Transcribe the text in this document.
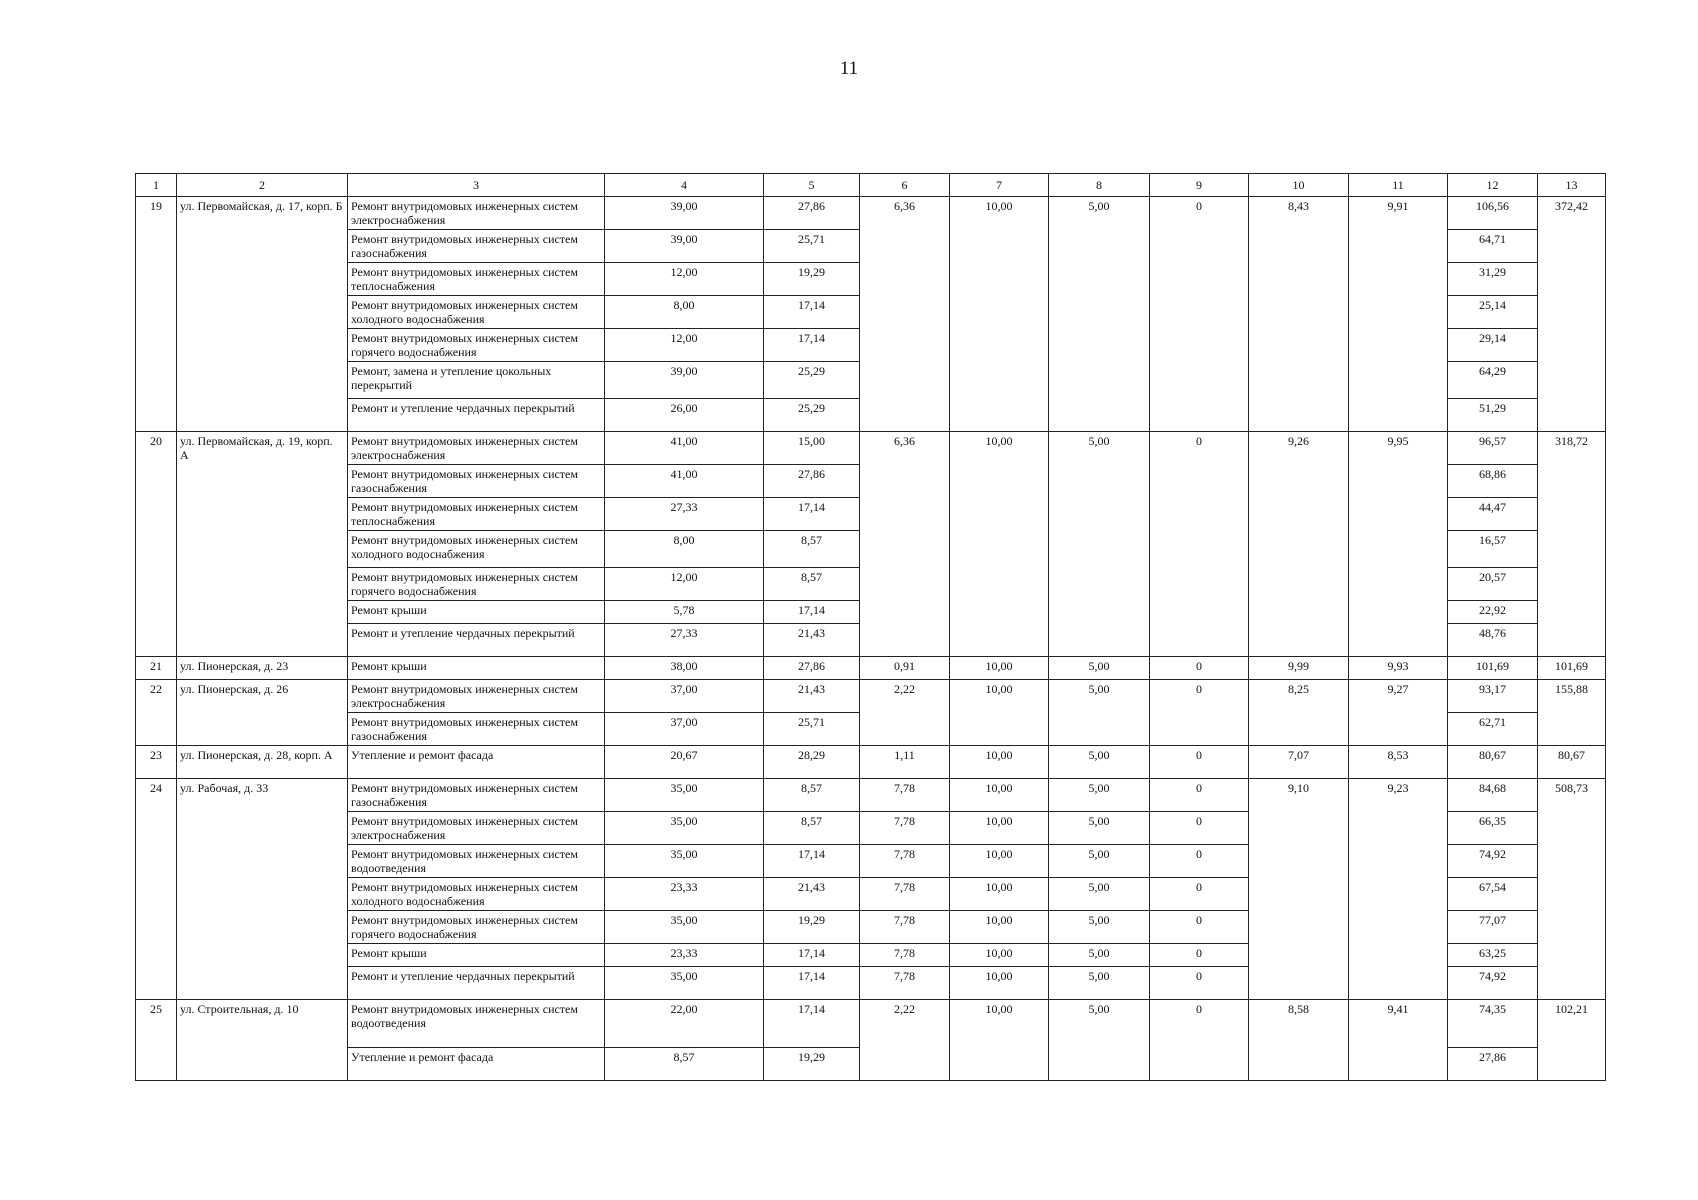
11
1	2	3	4	5	6	7	8	9	10	11	12	13
19	ул. Первомайская, д. 17, корп. Б	Ремонт внутридомовых инженерных систем электроснабжения	39,00	27,86	6,36	10,00	5,00	0	8,43	9,91	106,56	372,42
		Ремонт внутридомовых инженерных систем газоснабжения	39,00	25,71							64,71	
		Ремонт внутридомовых инженерных систем теплоснабжения	12,00	19,29							31,29	
		Ремонт внутридомовых инженерных систем холодного водоснабжения	8,00	17,14							25,14	
		Ремонт внутридомовых инженерных систем горячего водоснабжения	12,00	17,14							29,14	
		Ремонт, замена и утепление цокольных перекрытий	39,00	25,29							64,29	
		Ремонт и утепление чердачных перекрытий	26,00	25,29							51,29	
20	ул. Первомайская, д. 19, корп. А	Ремонт внутридомовых инженерных систем электроснабжения	41,00	15,00	6,36	10,00	5,00	0	9,26	9,95	96,57	318,72
		Ремонт внутридомовых инженерных систем газоснабжения	41,00	27,86							68,86	
		Ремонт внутридомовых инженерных систем теплоснабжения	27,33	17,14							44,47	
		Ремонт внутридомовых инженерных систем холодного водоснабжения	8,00	8,57							16,57	
		Ремонт внутридомовых инженерных систем горячего водоснабжения	12,00	8,57							20,57	
		Ремонт крыши	5,78	17,14							22,92	
		Ремонт и утепление чердачных перекрытий	27,33	21,43							48,76	
21	ул. Пионерская, д. 23	Ремонт крыши	38,00	27,86	0,91	10,00	5,00	0	9,99	9,93	101,69	101,69
22	ул. Пионерская, д. 26	Ремонт внутридомовых инженерных систем электроснабжения	37,00	21,43	2,22	10,00	5,00	0	8,25	9,27	93,17	155,88
		Ремонт внутридомовых инженерных систем газоснабжения	37,00	25,71							62,71	
23	ул. Пионерская, д. 28, корп. А	Утепление и ремонт фасада	20,67	28,29	1,11	10,00	5,00	0	7,07	8,53	80,67	80,67
24	ул. Рабочая, д. 33	Ремонт внутридомовых инженерных систем газоснабжения	35,00	8,57	7,78	10,00	5,00	0	9,10	9,23	84,68	508,73
		Ремонт внутридомовых инженерных систем электроснабжения	35,00	8,57	7,78	10,00	5,00	0			66,35	
		Ремонт внутридомовых инженерных систем водоотведения	35,00	17,14	7,78	10,00	5,00	0			74,92	
		Ремонт внутридомовых инженерных систем холодного водоснабжения	23,33	21,43	7,78	10,00	5,00	0			67,54	
		Ремонт внутридомовых инженерных систем горячего водоснабжения	35,00	19,29	7,78	10,00	5,00	0			77,07	
		Ремонт крыши	23,33	17,14	7,78	10,00	5,00	0			63,25	
		Ремонт и утепление чердачных перекрытий	35,00	17,14	7,78	10,00	5,00	0			74,92	
25	ул. Строительная, д. 10	Ремонт внутридомовых инженерных систем водоотведения	22,00	17,14	2,22	10,00	5,00	0	8,58	9,41	74,35	102,21
		Утепление и ремонт фасада	8,57	19,29							27,86	
